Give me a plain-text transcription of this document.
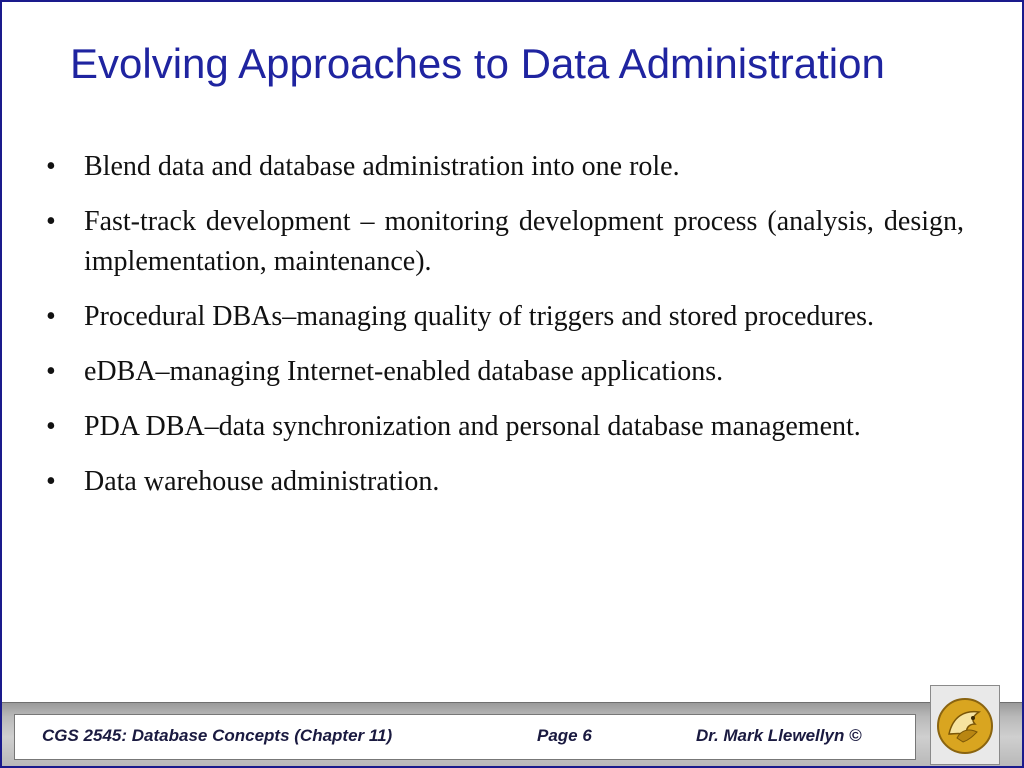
Evolving Approaches to Data Administration
•	Blend data and database administration into one role.
•	Fast-track development – monitoring development process (analysis, design, implementation, maintenance).
•	Procedural DBAs–managing quality of triggers and stored procedures.
•	eDBA–managing Internet-enabled database applications.
•	PDA DBA–data synchronization and personal database management.
•	Data warehouse administration.
CGS 2545: Database Concepts (Chapter 11)	Page 6	Dr. Mark Llewellyn ©
